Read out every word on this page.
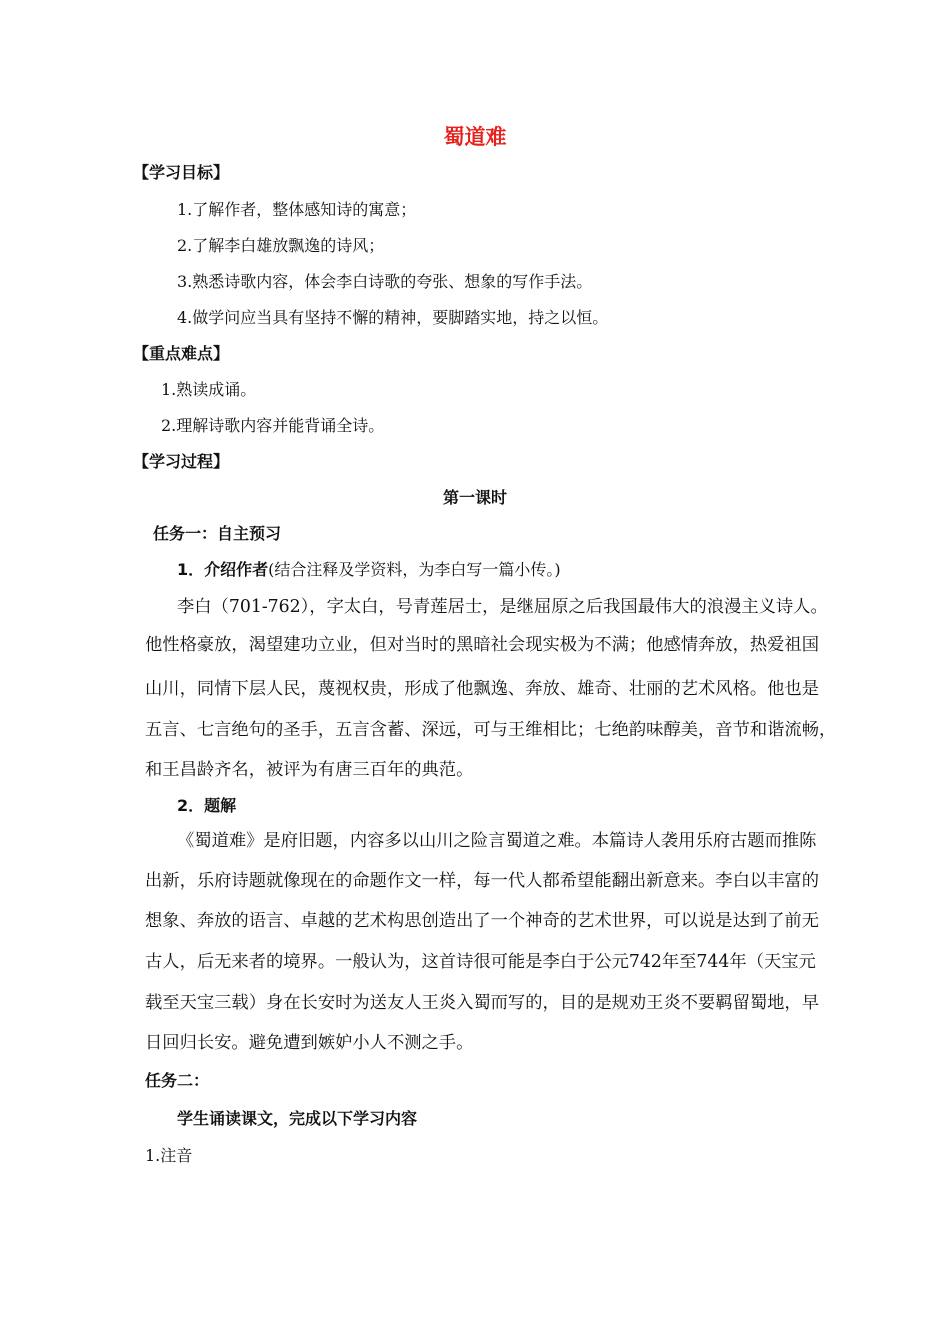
蜀道难
【学习目标】
1.了解作者，整体感知诗的寓意；
2.了解李白雄放飘逸的诗风；
3.熟悉诗歌内容，体会李白诗歌的夸张、想象的写作手法。
4.做学问应当具有坚持不懈的精神，要脚踏实地，持之以恒。
【重点难点】
1.熟读成诵。
2.理解诗歌内容并能背诵全诗。
【学习过程】
第一课时
任务一：自主预习
1．介绍作者(结合注释及学资料，为李白写一篇小传。)
李白（701-762），字太白，号青莲居士，是继屈原之后我国最伟大的浪漫主义诗人。
他性格豪放，渴望建功立业，但对当时的黑暗社会现实极为不满；他感情奔放，热爱祖国
山川，同情下层人民，蔑视权贵，形成了他飘逸、奔放、雄奇、壮丽的艺术风格。他也是
五言、七言绝句的圣手，五言含蓄、深远，可与王维相比；七绝韵味醇美，音节和谐流畅，
和王昌龄齐名，被评为有唐三百年的典范。
2．题解
《蜀道难》是府旧题，内容多以山川之险言蜀道之难。本篇诗人袭用乐府古题而推陈
出新，乐府诗题就像现在的命题作文一样，每一代人都希望能翻出新意来。李白以丰富的
想象、奔放的语言、卓越的艺术构思创造出了一个神奇的艺术世界，可以说是达到了前无
古人，后无来者的境界。一般认为，这首诗很可能是李白于公元742年至744年（天宝元
载至天宝三载）身在长安时为送友人王炎入蜀而写的，目的是规劝王炎不要羁留蜀地，早
日回归长安。避免遭到嫉妒小人不测之手。
任务二：
学生诵读课文，完成以下学习内容
1.注音
